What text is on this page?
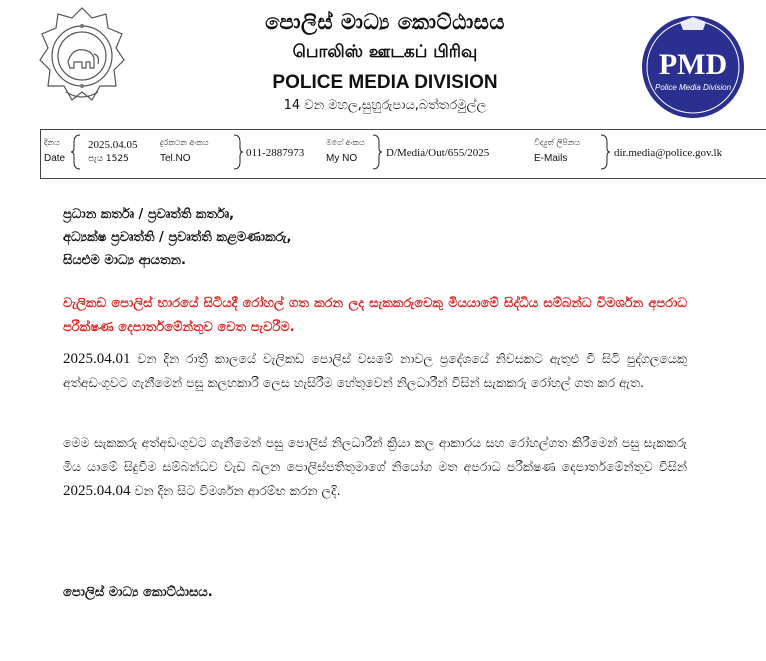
PMD
Police Media Division
පොලිස් මාධ්‍ය කොට්ඨාසය
பொலிஸ் ஊடகப் பிரிவு
POLICE MEDIA DIVISION
14 වන මහල,සුහුරුපාය,බත්තරමුල්ල
දිනය
Date
2025.04.05
පැය 1525
දුරකථන අංකය
Tel.NO	011-2887973
මගේ අංකය
My NO	D/Media/Out/655/2025
විද්‍යුත් ලිපිනය
E-Mails	dir.media@police.gov.lk
ප්‍රධාන කර්තෘ / ප්‍රවෘත්ති කර්තෘ,
අධ්‍යක්ෂ ප්‍රවෘත්ති / ප්‍රවෘත්ති කළමණාකරු,
සියළුම මාධ්‍ය ආයතන.
වැලිකඩ පොලිස් භාරයේ සිටියදී රෝහල් ගත කරන ලද සැකකරුවෙකු මියයාමේ සිද්ධිය සම්බන්ධ විමර්ශන අපරාධ පරීක්ෂණ දෙපාර්තමේන්තුව වෙත පැවරීම.
2025.04.01 වන දින රාත්‍රී කාලයේ වැලිකඩ පොලිස් වසමේ නාවල ප්‍රදේශයේ නිවසකට ඇතුළු වී සිටි පුද්ගලයෙකු අත්අඩංගුවට ගැනීමෙන් පසු කලහකාරී ලෙස හැසිරීම හේතුවෙන් නිලධාරීන් විසින් සැකකරු රෝහල් ගත කර ඇත.
මෙම සැකකරු අත්අඩංගුවට ගැනීමෙන් පසු පොලිස් නිලධාරීන් ක්‍රියා කල ආකාරය සහ රෝහල්ගත කිරීමෙන් පසු සැකකරු මිය යාමේ සිදුවීම සම්බන්ධව වැඩ බලන පොලිස්පතිතුමාගේ නියෝග මත අපරාධ පරීක්ෂණ දෙපාර්තමේන්තුව විසින් 2025.04.04 වන දින සිට විමර්ශන ආරම්භ කරන ලදි.
පොලිස් මාධ්‍ය කොට්ඨාසය.
